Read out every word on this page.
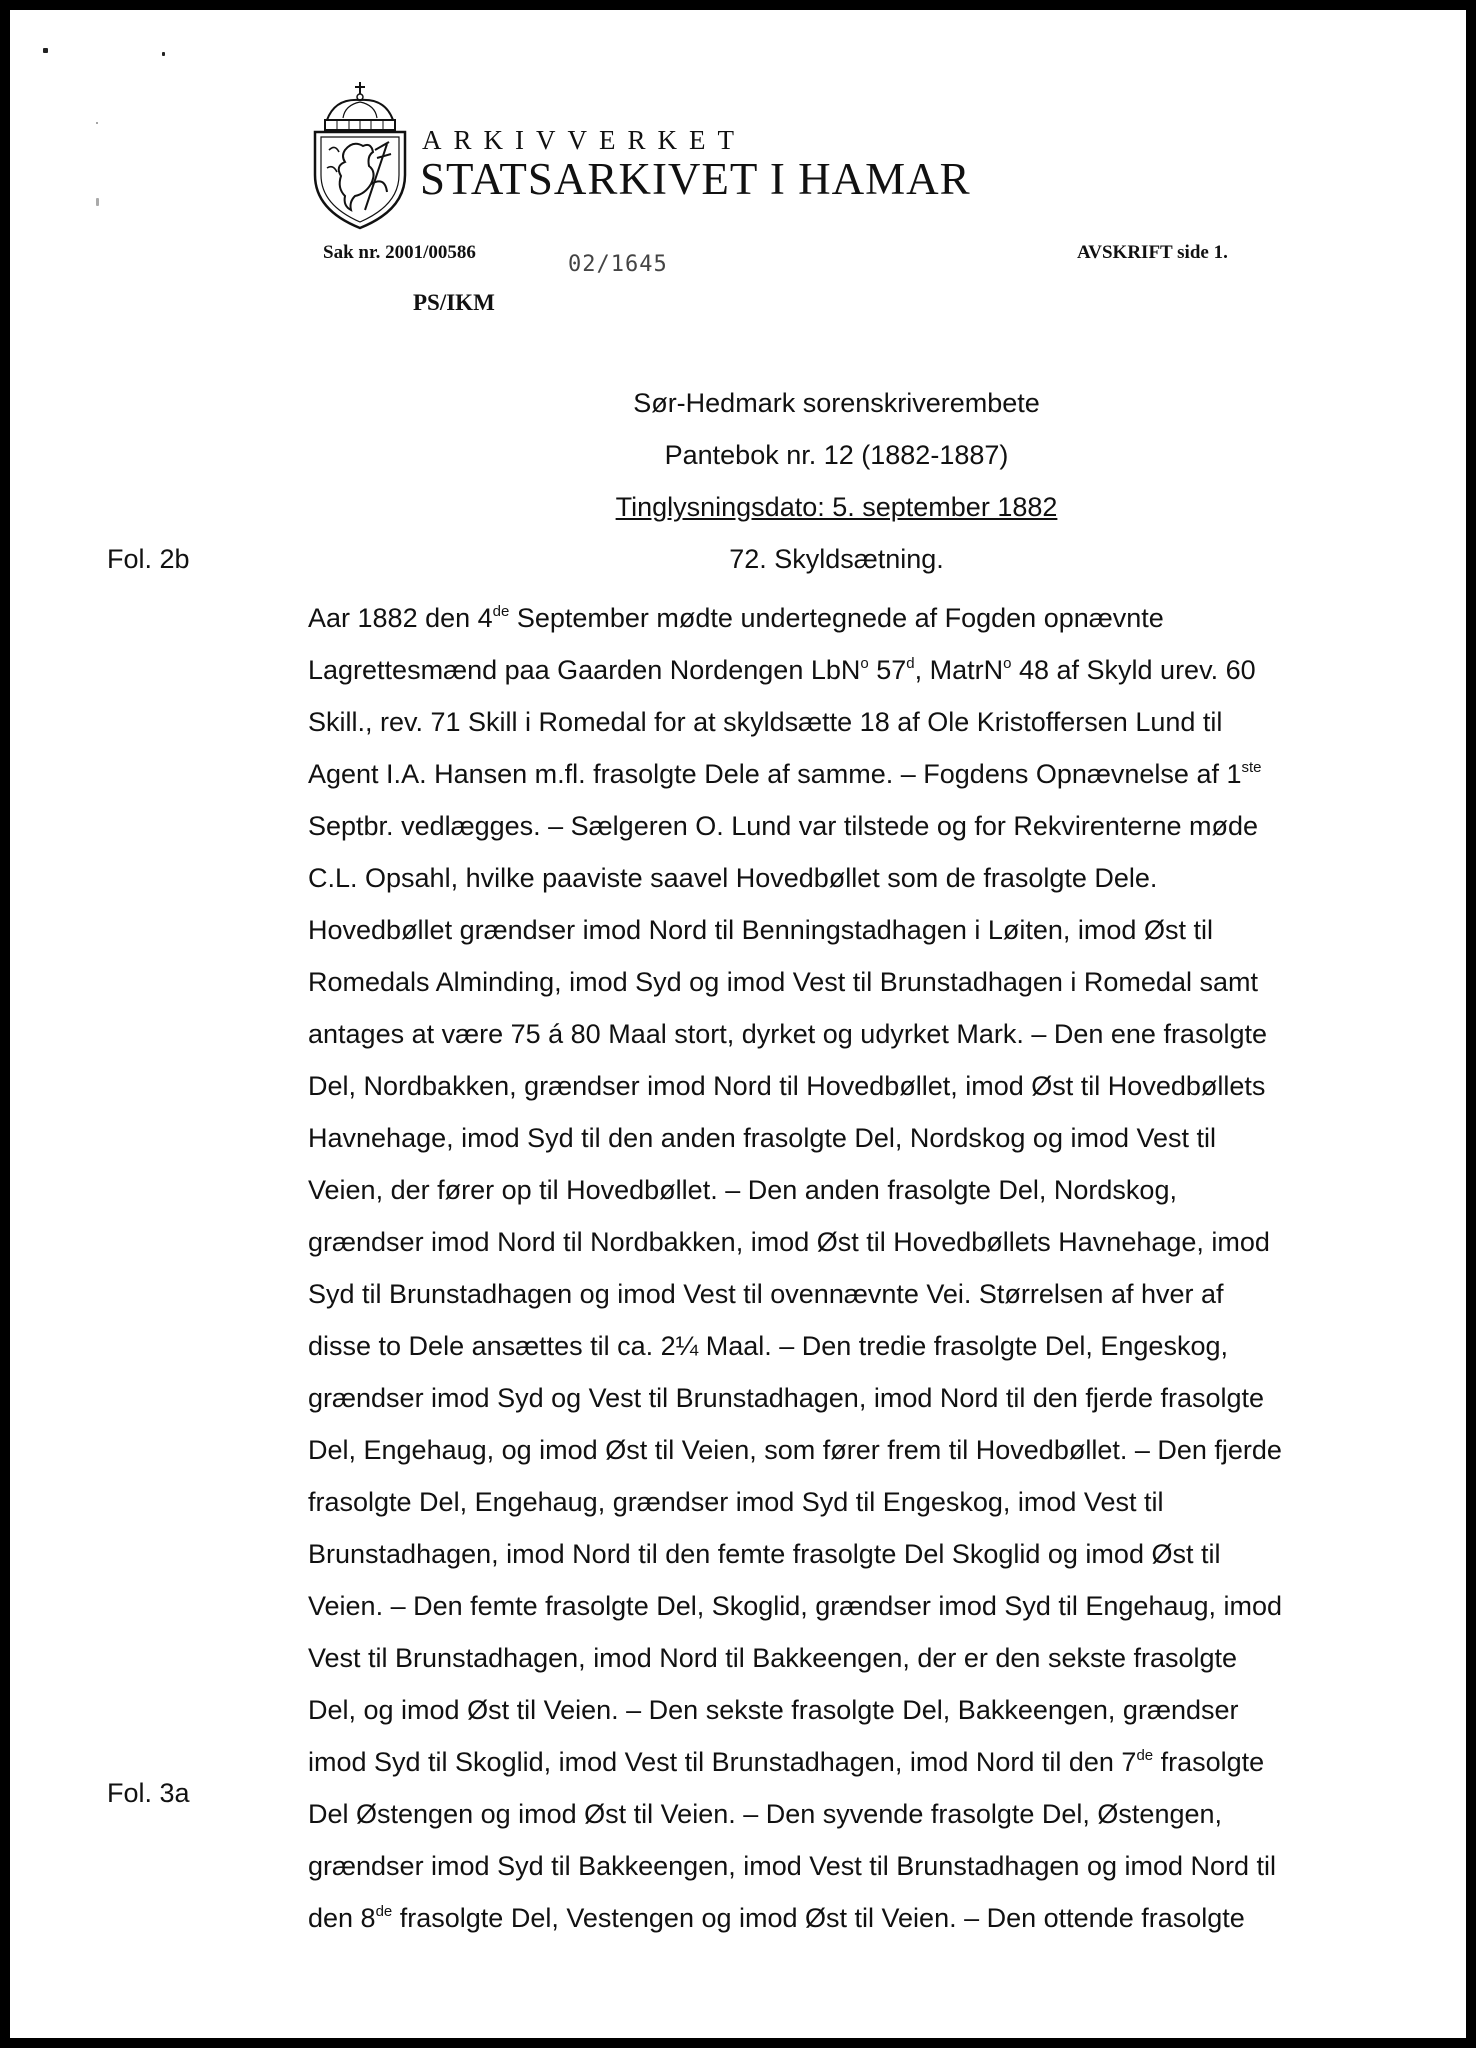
ARKIVVERKET
STATSARKIVET I HAMAR
Sak nr. 2001/00586	02/1645	AVSKRIFT side 1.
PS/IKM
Sør-Hedmark sorenskriverembete
Pantebok nr. 12 (1882-1887)
Tinglysningsdato: 5. september 1882
72. Skyldsætning.
Fol. 2b
Fol. 3a
Aar 1882 den 4de September mødte undertegnede af Fogden opnævnte
Lagrettesmænd paa Gaarden Nordengen LbN$^o$ 57$^d$, MatrN$^o$ 48 af Skyld urev. 60
Skill., rev. 71 Skill i Romedal for at skyldsætte 18 af Ole Kristoffersen Lund til
Agent I.A. Hansen m.fl. frasolgte Dele af samme. – Fogdens Opnævnelse af 1ste
Septbr. vedlægges. – Sælgeren O. Lund var tilstede og for Rekvirenterne møde
C.L. Opsahl, hvilke paaviste saavel Hovedbøllet som de frasolgte Dele.
Hovedbøllet grændser imod Nord til Benningstadhagen i Løiten, imod Øst til
Romedals Alminding, imod Syd og imod Vest til Brunstadhagen i Romedal samt
antages at være 75 á 80 Maal stort, dyrket og udyrket Mark. – Den ene frasolgte
Del, Nordbakken, grændser imod Nord til Hovedbøllet, imod Øst til Hovedbøllets
Havnehage, imod Syd til den anden frasolgte Del, Nordskog og imod Vest til
Veien, der fører op til Hovedbøllet. – Den anden frasolgte Del, Nordskog,
grændser imod Nord til Nordbakken, imod Øst til Hovedbøllets Havnehage, imod
Syd til Brunstadhagen og imod Vest til ovennævnte Vei. Størrelsen af hver af
disse to Dele ansættes til ca. 2¼ Maal. – Den tredie frasolgte Del, Engeskog,
grændser imod Syd og Vest til Brunstadhagen, imod Nord til den fjerde frasolgte
Del, Engehaug, og imod Øst til Veien, som fører frem til Hovedbøllet. – Den fjerde
frasolgte Del, Engehaug, grændser imod Syd til Engeskog, imod Vest til
Brunstadhagen, imod Nord til den femte frasolgte Del Skoglid og imod Øst til
Veien. – Den femte frasolgte Del, Skoglid, grændser imod Syd til Engehaug, imod
Vest til Brunstadhagen, imod Nord til Bakkeengen, der er den sekste frasolgte
Del, og imod Øst til Veien. – Den sekste frasolgte Del, Bakkeengen, grændser
imod Syd til Skoglid, imod Vest til Brunstadhagen, imod Nord til den 7de frasolgte
Del Østengen og imod Øst til Veien. – Den syvende frasolgte Del, Østengen,
grændser imod Syd til Bakkeengen, imod Vest til Brunstadhagen og imod Nord til
den 8de frasolgte Del, Vestengen og imod Øst til Veien. – Den ottende frasolgte
